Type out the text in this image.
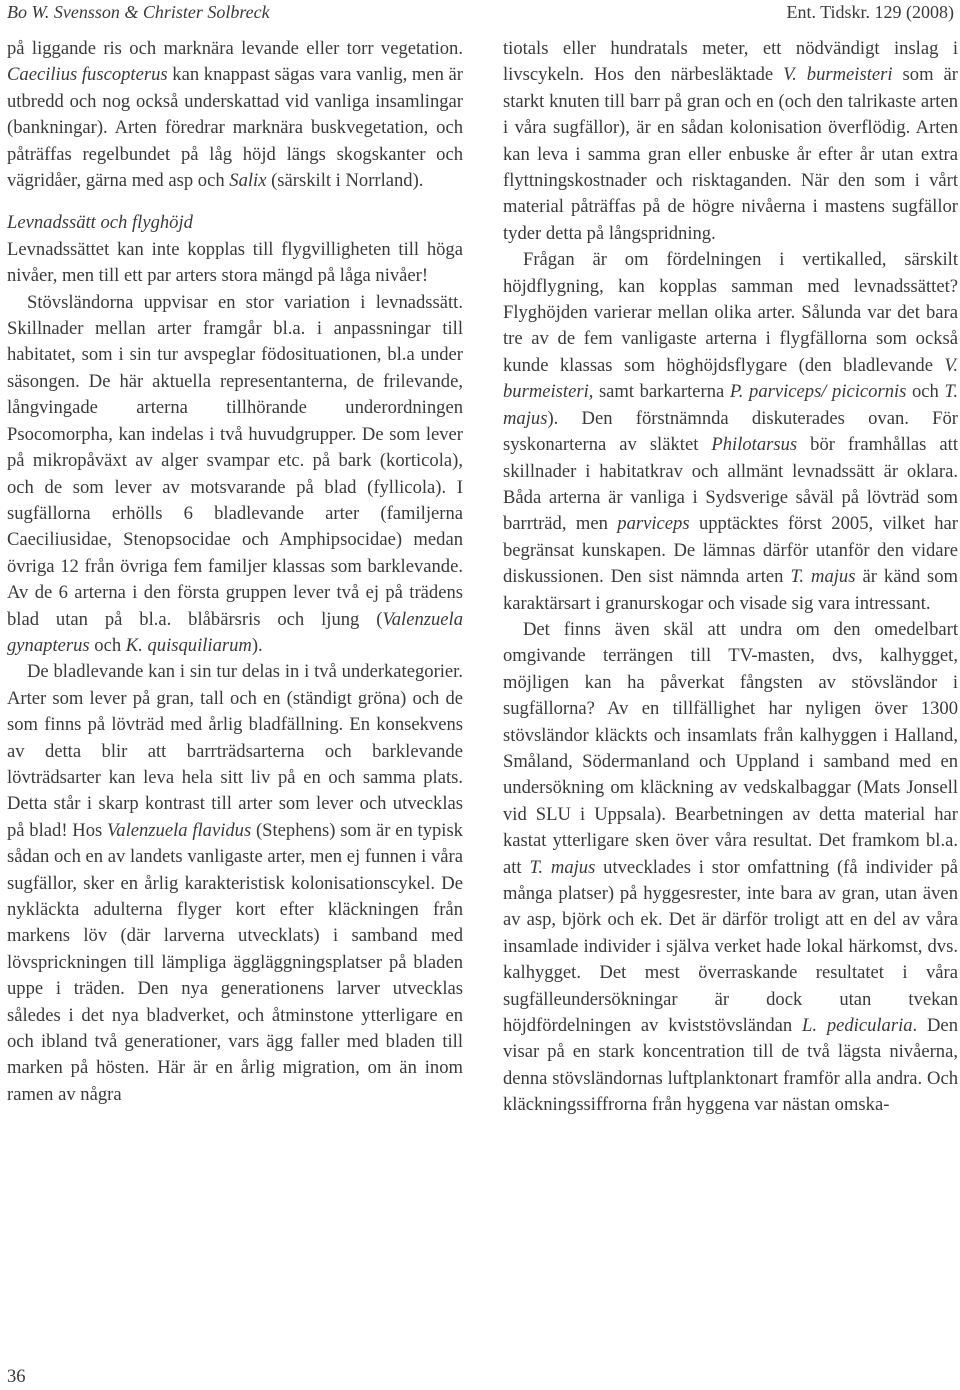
Bo W. Svensson & Christer Solbreck	Ent. Tidskr. 129 (2008)

på liggande ris och marknära levande eller torr vegetation. Caecilius fuscopterus kan knappast sägas vara vanlig, men är utbredd och nog också underskattad vid vanliga insamlingar (bankningar). Arten föredrar marknära buskvegetation, och påträffas regelbundet på låg höjd längs skogskanter och vägridåer, gärna med asp och Salix (särskilt i Norrland).

Levnadssätt och flyghöjd

Levnadssättet kan inte kopplas till flygvilligheten till höga nivåer, men till ett par arters stora mängd på låga nivåer!

Stövsländorna uppvisar en stor variation i levnadssätt. Skillnader mellan arter framgår bl.a. i anpassningar till habitatet, som i sin tur avspeglar födosituationen, bl.a under säsongen. De här aktuella representanterna, de frilevande, långvingade arterna tillhörande underordningen Psocomorpha, kan indelas i två huvudgrupper. De som lever på mikropåväxt av alger svampar etc. på bark (korticola), och de som lever av motsvarande på blad (fyllicola). I sugfällorna erhölls 6 bladlevande arter (familjerna Caeciliusidae, Stenopsocidae och Amphipsocidae) medan övriga 12 från övriga fem familjer klassas som barklevande. Av de 6 arterna i den första gruppen lever två ej på trädens blad utan på bl.a. blåbärsris och ljung (Valenzuela gynapterus och K. quisquiliarum).

De bladlevande kan i sin tur delas in i två underkategorier. Arter som lever på gran, tall och en (ständigt gröna) och de som finns på lövträd med årlig bladfällning. En konsekvens av detta blir att barrträdsarterna och barklevande lövträdsarter kan leva hela sitt liv på en och samma plats. Detta står i skarp kontrast till arter som lever och utvecklas på blad! Hos Valenzuela flavidus (Stephens) som är en typisk sådan och en av landets vanligaste arter, men ej funnen i våra sugfällor, sker en årlig karakteristisk kolonisationscykel. De nykläckta adulterna flyger kort efter kläckningen från markens löv (där larverna utvecklats) i samband med lövsprickningen till lämpliga äggläggningsplatser på bladen uppe i träden. Den nya generationens larver utvecklas således i det nya bladverket, och åtminstone ytterligare en och ibland två generationer, vars ägg faller med bladen till marken på hösten. Här är en årlig migration, om än inom ramen av några

tiotals eller hundratals meter, ett nödvändigt inslag i livscykeln. Hos den närbesläktade V. burmeisteri som är starkt knuten till barr på gran och en (och den talrikaste arten i våra sugfällor), är en sådan kolonisation överflödig. Arten kan leva i samma gran eller enbuske år efter år utan extra flyttningskostnader och risktaganden. När den som i vårt material påträffas på de högre nivåerna i mastens sugfällor tyder detta på långspridning.

Frågan är om fördelningen i vertikalled, särskilt höjdflygning, kan kopplas samman med levnadssättet? Flyghöjden varierar mellan olika arter. Sålunda var det bara tre av de fem vanligaste arterna i flygfällorna som också kunde klassas som höghöjdsflygare (den bladlevande V. burmeisteri, samt barkarterna P. parviceps/ picicornis och T. majus). Den förstnämnda diskuterades ovan. För syskonarterna av släktet Philotarsus bör framhållas att skillnader i habitatkrav och allmänt levnadssätt är oklara. Båda arterna är vanliga i Sydsverige såväl på lövträd som barrträd, men parviceps upptäcktes först 2005, vilket har begränsat kunskapen. De lämnas därför utanför den vidare diskussionen. Den sist nämnda arten T. majus är känd som karaktärsart i granurskogar och visade sig vara intressant.

Det finns även skäl att undra om den omedelbart omgivande terrängen till TV-masten, dvs, kalhygget, möjligen kan ha påverkat fångsten av stövsländor i sugfällorna? Av en tillfällighet har nyligen över 1300 stövsländor kläckts och insamlats från kalhyggen i Halland, Småland, Södermanland och Uppland i samband med en undersökning om kläckning av vedskalbaggar (Mats Jonsell vid SLU i Uppsala). Bearbetningen av detta material har kastat ytterligare sken över våra resultat. Det framkom bl.a. att T. majus utvecklades i stor omfattning (få individer på många platser) på hyggesrester, inte bara av gran, utan även av asp, björk och ek. Det är därför troligt att en del av våra insamlade individer i själva verket hade lokal härkomst, dvs. kalhygget. Det mest överraskande resultatet i våra sugfälleundersökningar är dock utan tvekan höjdfördelningen av kviststövsländan L. pedicularia. Den visar på en stark koncentration till de två lägsta nivåerna, denna stövsländornas luftplanktonart framför alla andra. Och kläckningssiffrorna från hyggena var nästan omska-

36
